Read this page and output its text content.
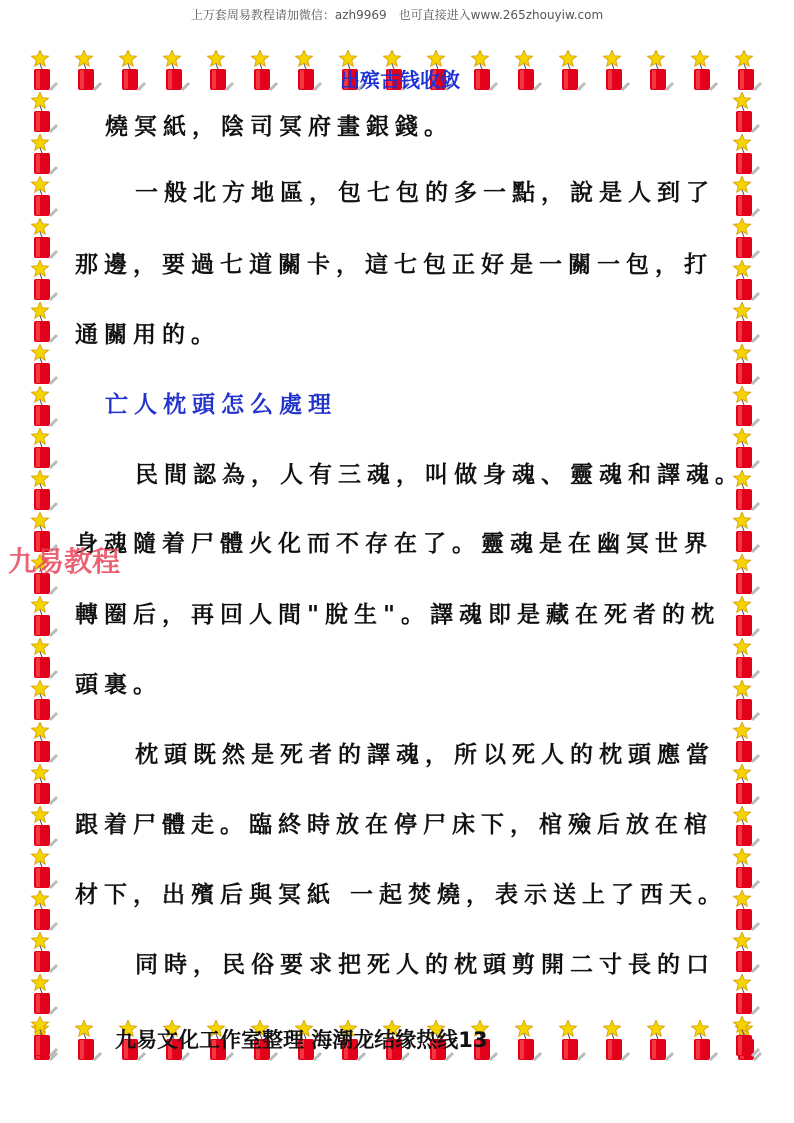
上万套周易教程请加微信：azh9969　也可直接进入www.265zhouyiw.com
出殡古钱收敛
燒冥紙，陰司冥府畫銀錢。
一般北方地區，包七包的多一點，說是人到了
那邊，要過七道關卡，這七包正好是一關一包，打
通關用的。
亡人枕頭怎么處理
民間認為，人有三魂，叫做身魂、靈魂和譯魂。
身魂隨着尸體火化而不存在了。靈魂是在幽冥世界
轉圈后，再回人間"脫生"。譯魂即是藏在死者的枕
頭裏。
枕頭既然是死者的譯魂，所以死人的枕頭應當
跟着尸體走。臨終時放在停尸床下，棺殮后放在棺
材下，出殯后與冥紙 一起焚燒，表示送上了西天。
同時，民俗要求把死人的枕頭剪開二寸長的口
九易教程
九易文化工作室整理 海潮龙结缘热线13
